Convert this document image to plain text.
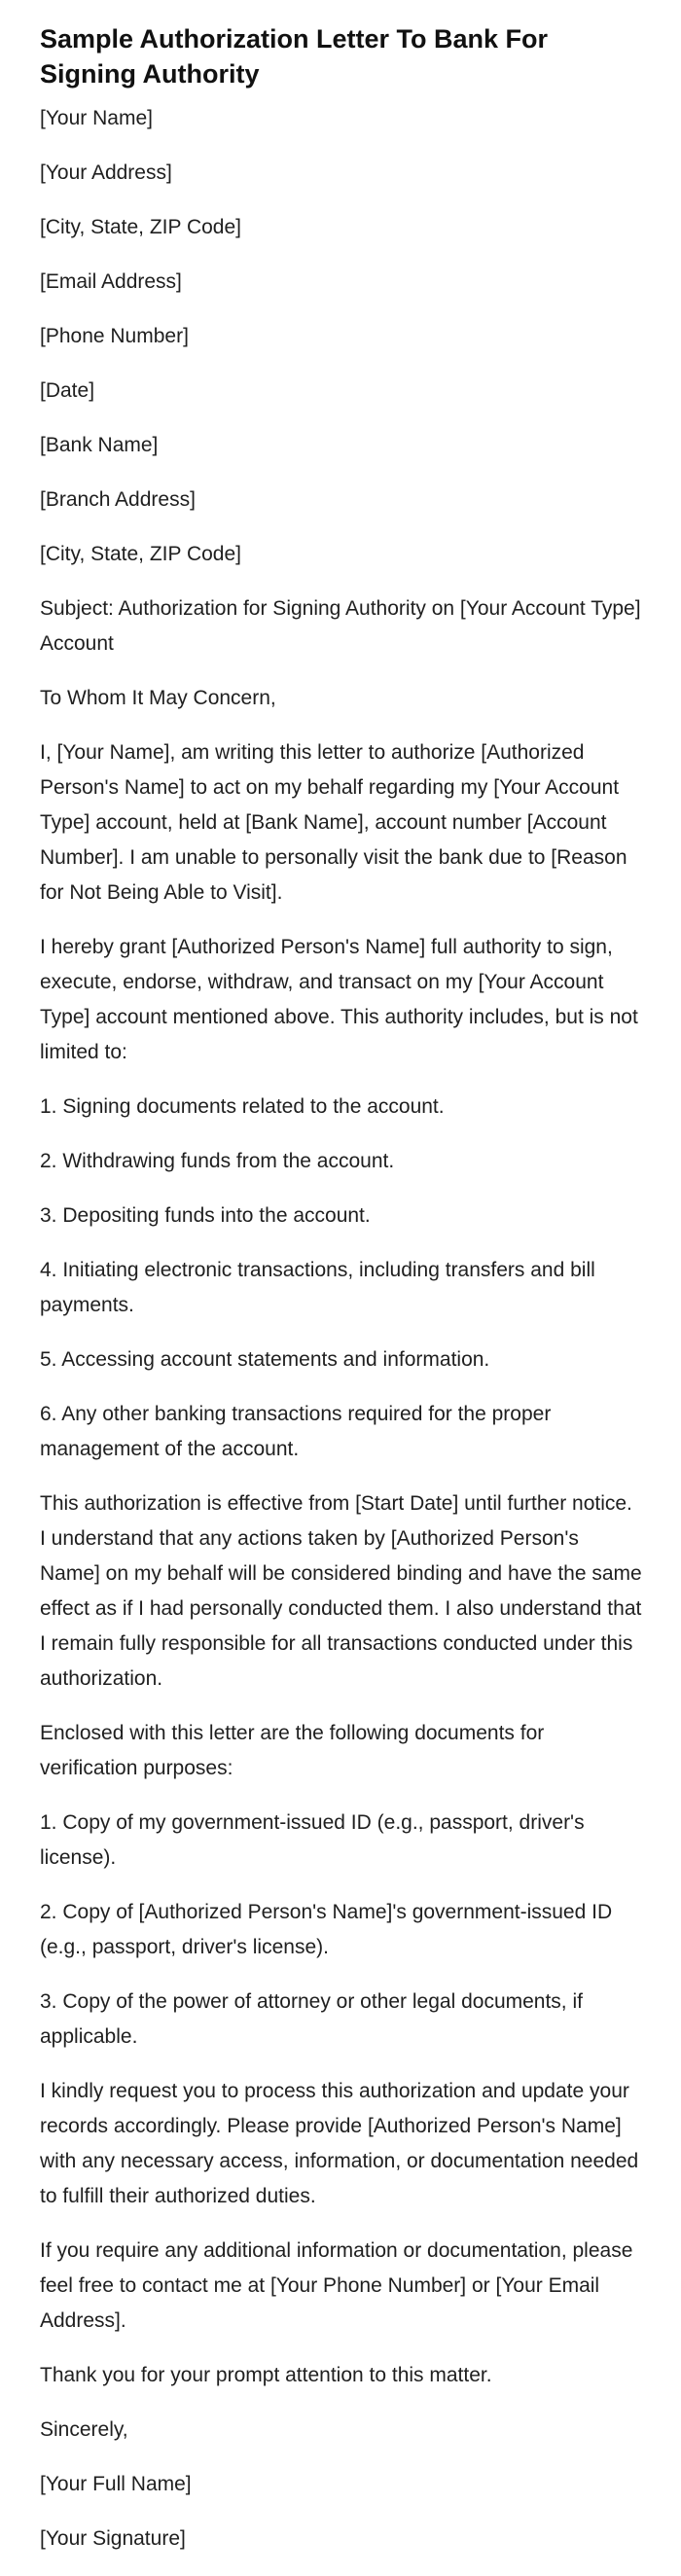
Sample Authorization Letter To Bank For Signing Authority

[Your Name]

[Your Address]

[City, State, ZIP Code]

[Email Address]

[Phone Number]

[Date]

[Bank Name]

[Branch Address]

[City, State, ZIP Code]

Subject: Authorization for Signing Authority on [Your Account Type] Account

To Whom It May Concern,

I, [Your Name], am writing this letter to authorize [Authorized Person's Name] to act on my behalf regarding my [Your Account Type] account, held at [Bank Name], account number [Account Number]. I am unable to personally visit the bank due to [Reason for Not Being Able to Visit].

I hereby grant [Authorized Person's Name] full authority to sign, execute, endorse, withdraw, and transact on my [Your Account Type] account mentioned above. This authority includes, but is not limited to:

1. Signing documents related to the account.

2. Withdrawing funds from the account.

3. Depositing funds into the account.

4. Initiating electronic transactions, including transfers and bill payments.

5. Accessing account statements and information.

6. Any other banking transactions required for the proper management of the account.

This authorization is effective from [Start Date] until further notice. I understand that any actions taken by [Authorized Person's Name] on my behalf will be considered binding and have the same effect as if I had personally conducted them. I also understand that I remain fully responsible for all transactions conducted under this authorization.

Enclosed with this letter are the following documents for verification purposes:

1. Copy of my government-issued ID (e.g., passport, driver's license).

2. Copy of [Authorized Person's Name]'s government-issued ID (e.g., passport, driver's license).

3. Copy of the power of attorney or other legal documents, if applicable.

I kindly request you to process this authorization and update your records accordingly. Please provide [Authorized Person's Name] with any necessary access, information, or documentation needed to fulfill their authorized duties.

If you require any additional information or documentation, please feel free to contact me at [Your Phone Number] or [Your Email Address].

Thank you for your prompt attention to this matter.

Sincerely,

[Your Full Name]

[Your Signature]
